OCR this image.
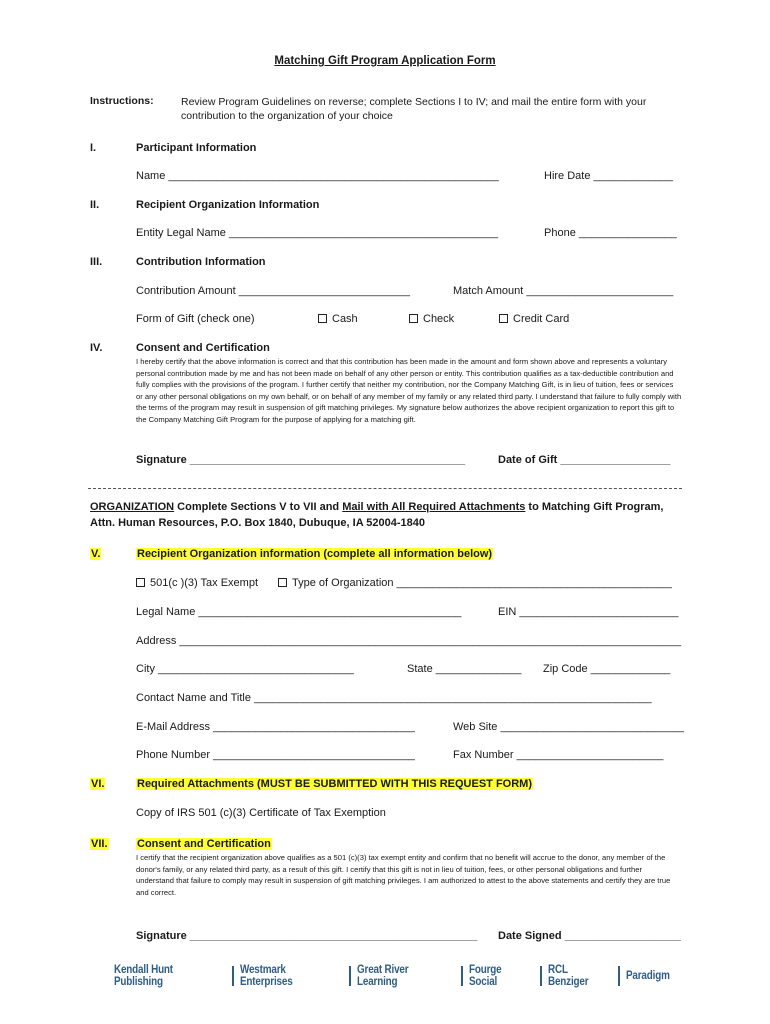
Matching Gift Program Application Form
Instructions:	Review Program Guidelines on reverse; complete Sections I to IV; and mail the entire form with your
contribution to the organization of your choice
I.	Participant Information
Name ______________________________________________________	Hire Date _____________
II.	Recipient Organization Information
Entity Legal Name ____________________________________________	Phone ________________
III.	Contribution Information
Contribution Amount ____________________________	Match Amount ________________________
Form of Gift (check one)	Cash	Check	Credit Card
IV.	Consent and Certification
I hereby certify that the above information is correct and that this contribution has been made in the amount and form shown above and represents a voluntary personal contribution made by me and has not been made on behalf of any other person or entity. This contribution qualifies as a tax-deductible contribution and fully complies with the provisions of the program. I further certify that neither my contribution, nor the Company Matching Gift, is in lieu of tuition, fees or services or any other personal obligations on my own behalf, or on behalf of any member of my family or any related third party. I understand that failure to fully comply with the terms of the program may result in suspension of gift matching privileges. My signature below authorizes the above recipient organization to report this gift to the Company Matching Gift Program for the purpose of applying for a matching gift.
Signature _____________________________________________	Date of Gift __________________
ORGANIZATION Complete Sections V to VII and Mail with All Required Attachments to Matching Gift Program,
Attn. Human Resources, P.O. Box 1840, Dubuque, IA 52004-1840
V.	Recipient Organization information (complete all information below)
501(c )(3) Tax Exempt	Type of Organization _____________________________________________
Legal Name ___________________________________________	EIN __________________________
Address __________________________________________________________________________________
City ________________________________	State ______________ Zip Code _____________
Contact Name and Title _________________________________________________________________
E-Mail Address _________________________________	Web Site ______________________________
Phone Number _________________________________	Fax Number ________________________
VI.	Required Attachments (MUST BE SUBMITTED WITH THIS REQUEST FORM)
Copy of IRS 501 (c)(3) Certificate of Tax Exemption
VII.	Consent and Certification
I certify that the recipient organization above qualifies as a 501 (c)(3) tax exempt entity and confirm that no benefit will accrue to the donor, any member of the donor's family, or any related third party, as a result of this gift. I certify that this gift is not in lieu of tuition, fees, or other personal obligations and further understand that failure to comply may result in suspension of gift matching privileges. I am authorized to attest to the above statements and certify they are true and correct.
Signature _______________________________________________ Date Signed ___________________
Kendall Hunt Publishing
Westmark Enterprises
Great River Learning
Fourge Social
RCL Benziger	Paradigm
